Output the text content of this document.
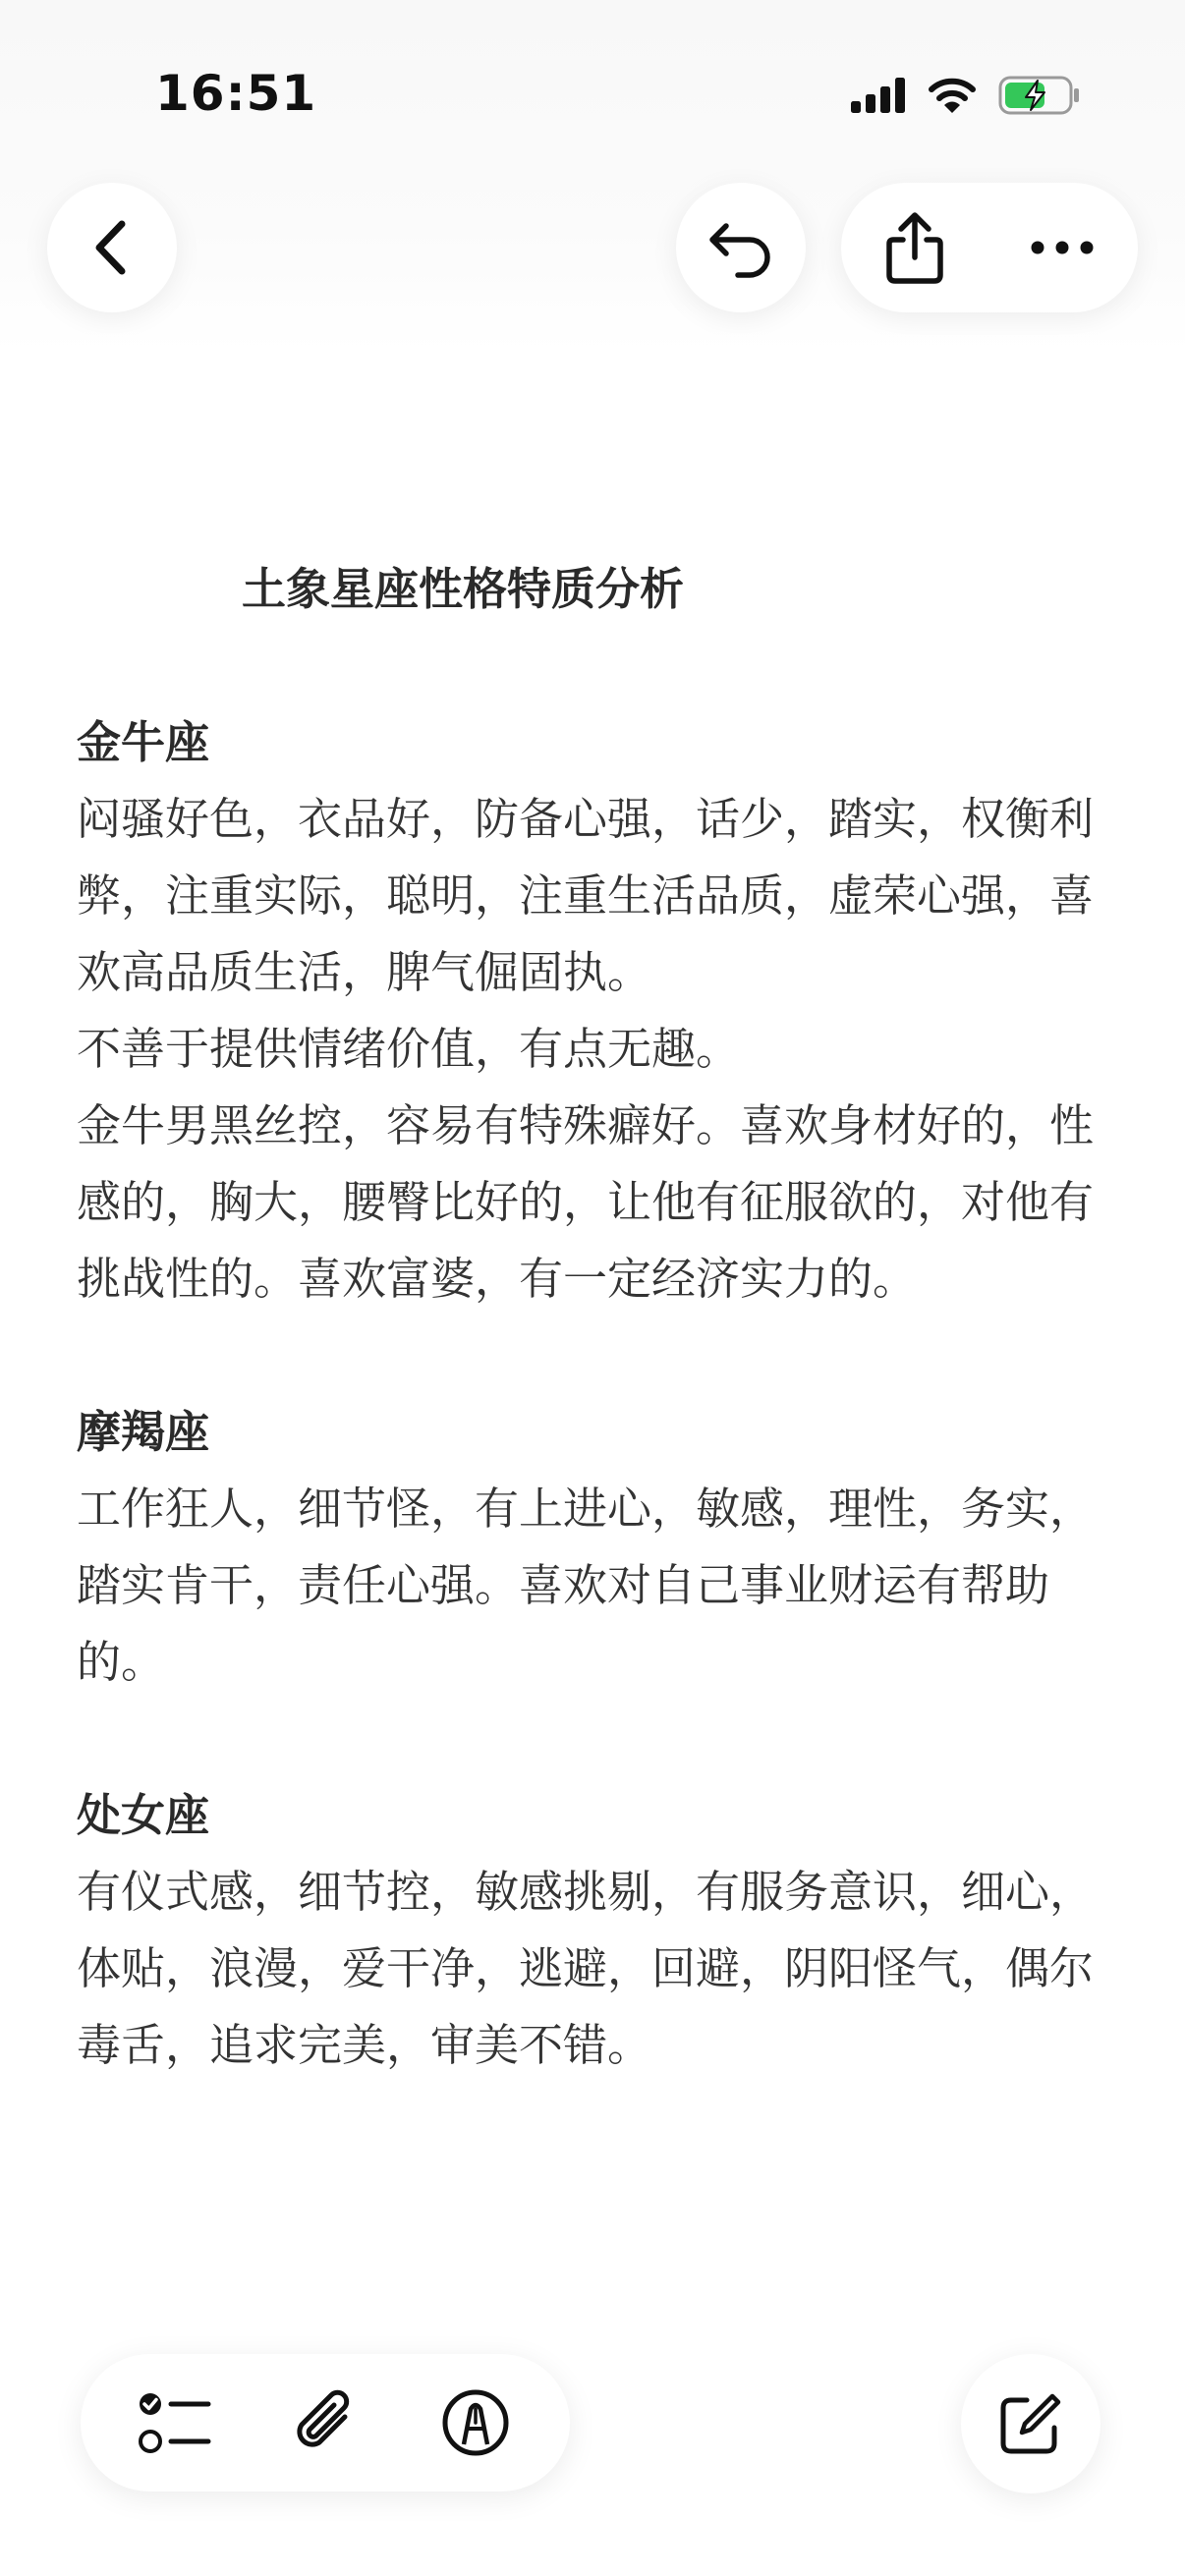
16:51
土象星座性格特质分析
金牛座
闷骚好色，衣品好，防备心强，话少，踏实，权衡利弊，注重实际，聪明，注重生活品质，虚荣心强，喜欢高品质生活，脾气倔固执。
不善于提供情绪价值，有点无趣。
金牛男黑丝控，容易有特殊癖好。喜欢身材好的，性感的，胸大，腰臀比好的，让他有征服欲的，对他有挑战性的。喜欢富婆，有一定经济实力的。
摩羯座
工作狂人，细节怪，有上进心，敏感，理性，务实，踏实肯干，责任心强。喜欢对自己事业财运有帮助的。
处女座
有仪式感，细节控，敏感挑剔，有服务意识，细心，体贴，浪漫，爱干净，逃避，回避，阴阳怪气，偶尔毒舌，追求完美，审美不错。
